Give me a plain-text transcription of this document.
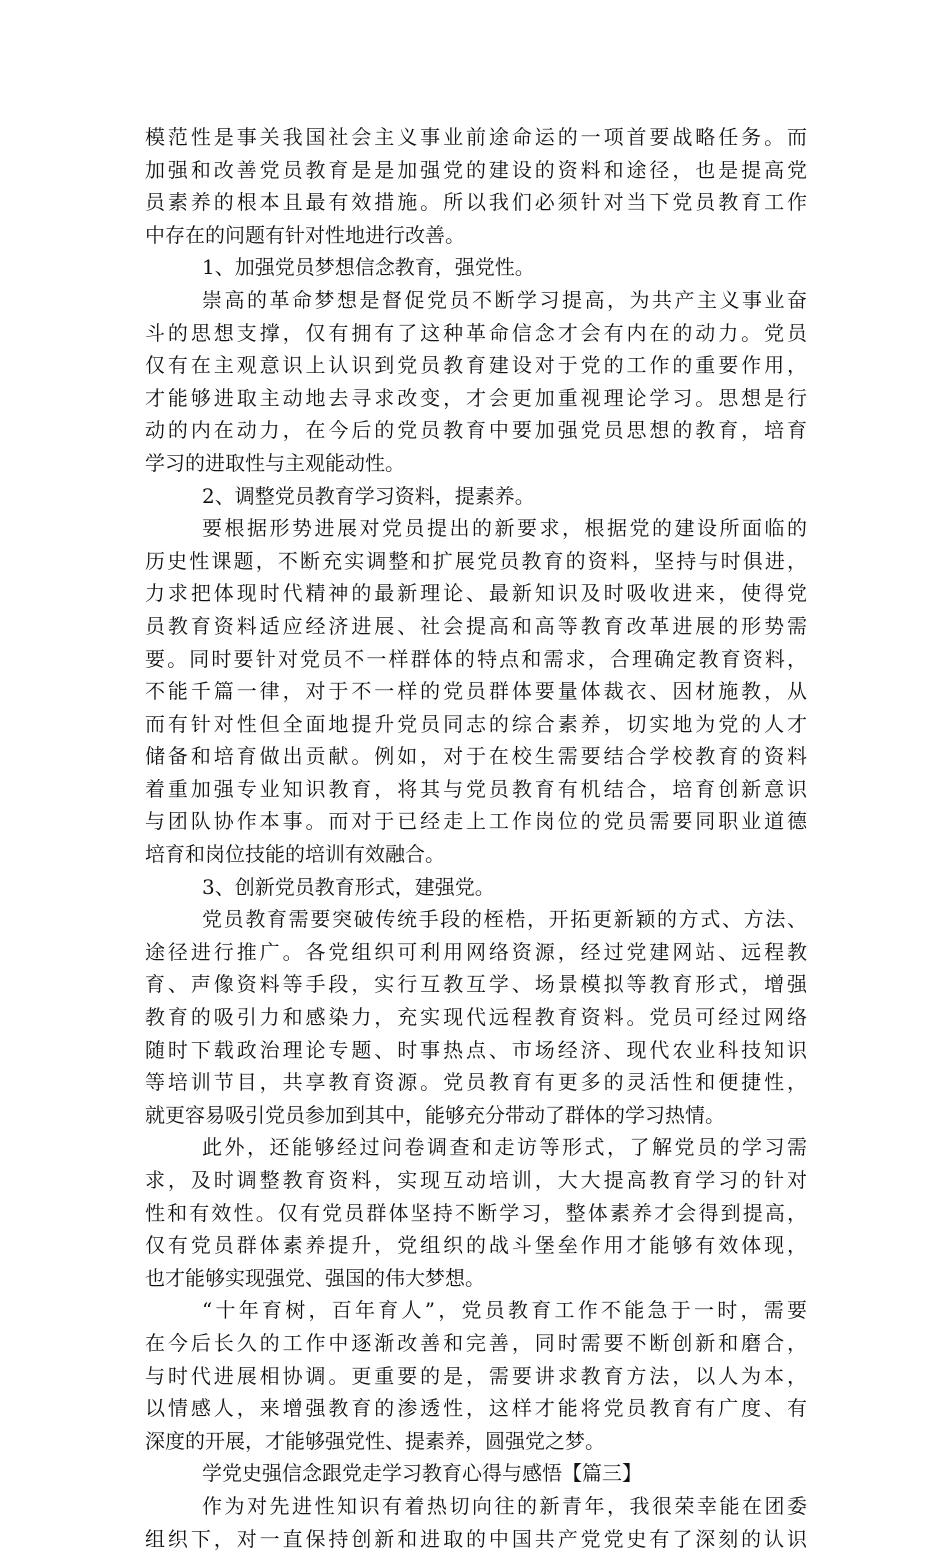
模范性是事关我国社会主义事业前途命运的一项首要战略任务。而
加强和改善党员教育是是加强党的建设的资料和途径，也是提高党
员素养的根本且最有效措施。所以我们必须针对当下党员教育工作
中存在的问题有针对性地进行改善。
1、加强党员梦想信念教育，强党性。
崇高的革命梦想是督促党员不断学习提高，为共产主义事业奋
斗的思想支撑，仅有拥有了这种革命信念才会有内在的动力。党员
仅有在主观意识上认识到党员教育建设对于党的工作的重要作用，
才能够进取主动地去寻求改变，才会更加重视理论学习。思想是行
动的内在动力，在今后的党员教育中要加强党员思想的教育，培育
学习的进取性与主观能动性。
2、调整党员教育学习资料，提素养。
要根据形势进展对党员提出的新要求，根据党的建设所面临的
历史性课题，不断充实调整和扩展党员教育的资料，坚持与时俱进，
力求把体现时代精神的最新理论、最新知识及时吸收进来，使得党
员教育资料适应经济进展、社会提高和高等教育改革进展的形势需
要。同时要针对党员不一样群体的特点和需求，合理确定教育资料，
不能千篇一律，对于不一样的党员群体要量体裁衣、因材施教，从
而有针对性但全面地提升党员同志的综合素养，切实地为党的人才
储备和培育做出贡献。例如，对于在校生需要结合学校教育的资料
着重加强专业知识教育，将其与党员教育有机结合，培育创新意识
与团队协作本事。而对于已经走上工作岗位的党员需要同职业道德
培育和岗位技能的培训有效融合。
3、创新党员教育形式，建强党。
党员教育需要突破传统手段的桎梏，开拓更新颖的方式、方法、
途径进行推广。各党组织可利用网络资源，经过党建网站、远程教
育、声像资料等手段，实行互教互学、场景模拟等教育形式，增强
教育的吸引力和感染力，充实现代远程教育资料。党员可经过网络
随时下载政治理论专题、时事热点、市场经济、现代农业科技知识
等培训节目，共享教育资源。党员教育有更多的灵活性和便捷性，
就更容易吸引党员参加到其中，能够充分带动了群体的学习热情。
此外，还能够经过问卷调查和走访等形式，了解党员的学习需
求，及时调整教育资料，实现互动培训，大大提高教育学习的针对
性和有效性。仅有党员群体坚持不断学习，整体素养才会得到提高，
仅有党员群体素养提升，党组织的战斗堡垒作用才能够有效体现，
也才能够实现强党、强国的伟大梦想。
“十年育树，百年育人”，党员教育工作不能急于一时，需要
在今后长久的工作中逐渐改善和完善，同时需要不断创新和磨合，
与时代进展相协调。更重要的是，需要讲求教育方法，以人为本，
以情感人，来增强教育的渗透性，这样才能将党员教育有广度、有
深度的开展，才能够强党性、提素养，圆强党之梦。
学党史强信念跟党走学习教育心得与感悟【篇三】
作为对先进性知识有着热切向往的新青年，我很荣幸能在团委
组织下，对一直保持创新和进取的中国共产党党史有了深刻的认识
